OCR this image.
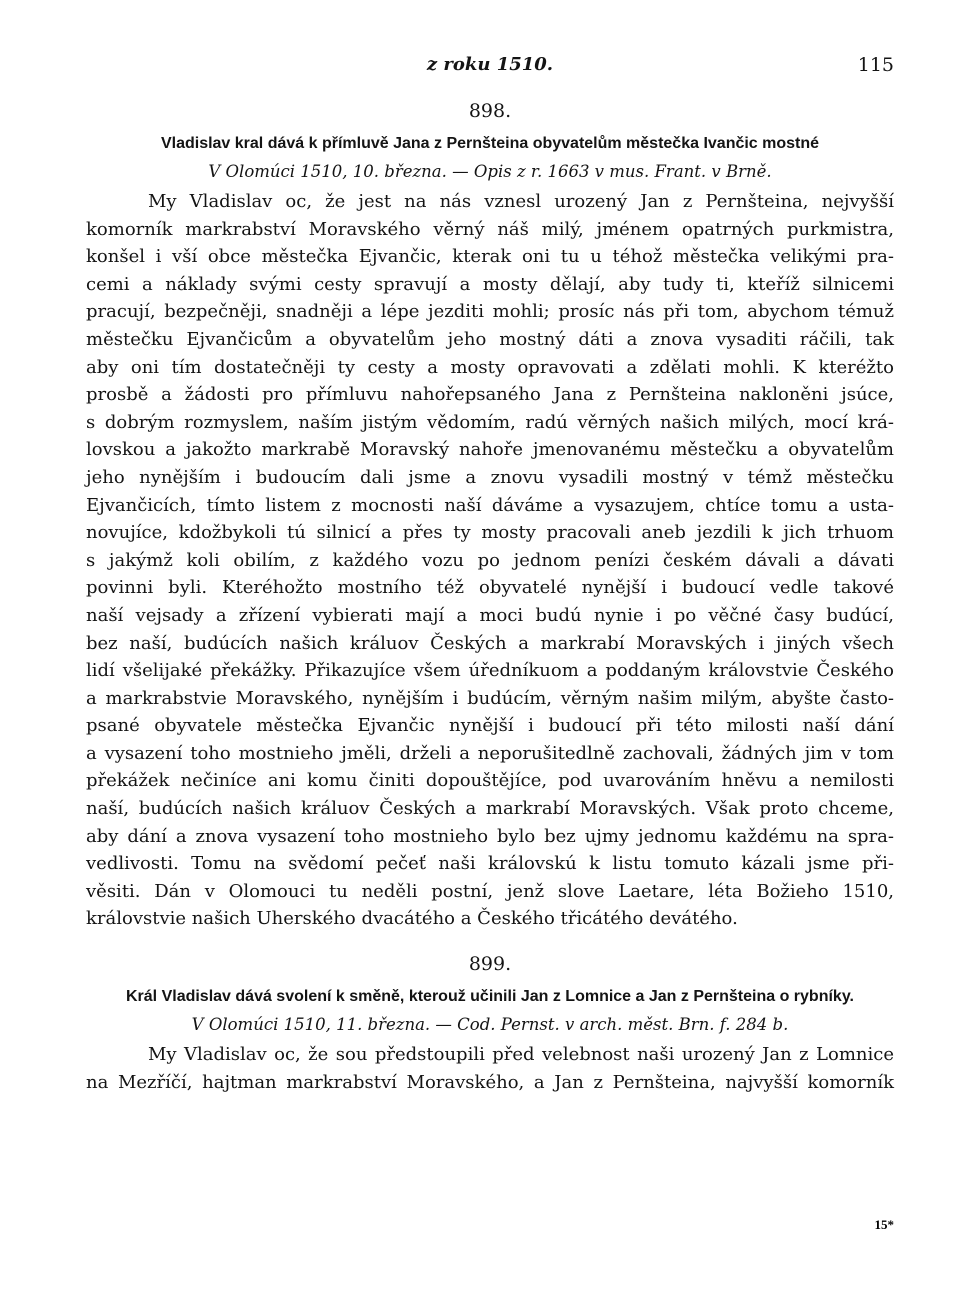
z roku 1510.	115
898.
Vladislav kral dává k přímluvě Jana z Pernšteina obyvatelům městečka Ivančic mostné
V Olomúci 1510, 10. března. — Opis z r. 1663 v mus. Frant. v Brně.
My Vladislav oc, že jest na nás vznesl urozený Jan z Pernšteina, nejvyšší
komorník markrabství Moravského věrný náš milý, jménem opatrných purkmistra,
konšel i vší obce městečka Ejvančic, kterak oni tu u téhož městečka velikými pra-
cemi a náklady svými cesty spravují a mosty dělají, aby tudy ti, kteříž silnicemi
pracují, bezpečněji, snadněji a lépe jezditi mohli; prosíc nás při tom, abychom témuž
městečku Ejvančicům a obyvatelům jeho mostný dáti a znova vysaditi ráčili, tak
aby oni tím dostatečněji ty cesty a mosty opravovati a zdělati mohli. K kteréžto
prosbě a žádosti pro přímluvu nahořepsaného Jana z Pernšteina nakloněni jsúce,
s dobrým rozmyslem, naším jistým vědomím, radú věrných našich milých, mocí krá-
lovskou a jakožto markrabě Moravský nahoře jmenovanému městečku a obyvatelům
jeho nynějším i budoucím dali jsme a znovu vysadili mostný v témž městečku
Ejvančicích, tímto listem z mocnosti naší dáváme a vysazujem, chtíce tomu a usta-
novujíce, kdožbykoli tú silnicí a přes ty mosty pracovali aneb jezdili k jich trhuom
s jakýmž koli obilím, z každého vozu po jednom penízi českém dávali a dávati
povinni byli. Kteréhožto mostního též obyvatelé nynější i budoucí vedle takové
naší vejsady a zřízení vybierati mají a moci budú nynie i po věčné časy budúcí,
bez naší, budúcích našich králuov Českých a markrabí Moravských i jiných všech
lidí všelijaké překážky. Přikazujíce všem úředníkuom a poddaným královstvie Českého
a markrabstvie Moravského, nynějším i budúcím, věrným našim milým, abyšte často-
psané obyvatele městečka Ejvančic nynější i budoucí při této milosti naší dání
a vysazení toho mostnieho jměli, drželi a neporušitedlně zachovali, žádných jim v tom
překážek nečiníce ani komu činiti dopouštějíce, pod uvarováním hněvu a nemilosti
naší, budúcích našich králuov Českých a markrabí Moravských. Však proto chceme,
aby dání a znova vysazení toho mostnieho bylo bez ujmy jednomu každému na spra-
vedlivosti. Tomu na svědomí pečeť naši královskú k listu tomuto kázali jsme při-
věsiti. Dán v Olomouci tu neděli postní, jenž slove Laetare, léta Božieho 1510,
královstvie našich Uherského dvacátého a Českého třicátého devátého.
899.
Král Vladislav dává svolení k směně, kterouž učinili Jan z Lomnice a Jan z Pernšteina o rybníky.
V Olomúci 1510, 11. března. — Cod. Pernst. v arch. měst. Brn. f. 284 b.
My Vladislav oc, že sou předstoupili před velebnost naši urozený Jan z Lomnice
na Mezříčí, hajtman markrabství Moravského, a Jan z Pernšteina, najvyšší komorník
15*
